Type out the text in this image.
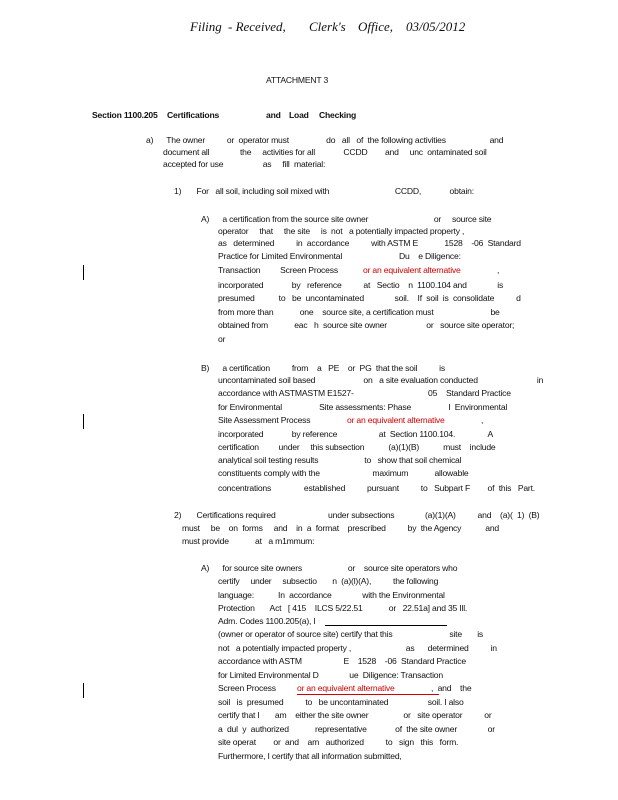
Filing - Received, Clerk's Office, 03/05/2012
ATTACHMENT 3
Section 1100.205 Certifications	and Load Checking
a)      The owner          or  operator must                 do   all   of  the following activities                    and
document all              the     activities for all             CCDD        and     unc  ontaminated soil
accepted for use                  as     fill  material:
1)       For   all soil, including soil mixed with                              CCDD,             obtain:
A)      a certification from the source site owner                              or     source site
operator     that     the site     is  not   a potentially impacted property ,
as   determined          in  accordance          with ASTM E            1528    -06  Standard
Practice for Limited Environmental                          Du    e Diligence:
Transaction         Screen Process	or an equivalent alternative	,
incorporated             by   reference          at   Sectio    n  1100.104 and              is
presumed           to   be  uncontaminated              soil.    If  soil  is  consolidate          d
from more than            one    source site, a certification must                          be
obtained from            eac   h  source site owner                  or   source site operator;
or
B)      a certification          from    a   PE    or  PG  that the soil          is
uncontaminated soil based                      on   a site evaluation conducted                           in
accordance with ASTMASTM E1527-                                  05    Standard Practice
for Environmental                 Site assessments: Phase                 I  Environmental
Site Assessment Process	or an equivalent alternative	,
incorporated             by reference                   at  Section 1100.104.               A
certification         under     this subsection           (a)(1)(B)           must    include
analytical soil testing results                     to   show that soil chemical
constituents comply with the                        maximum            allowable
concentrations               established          pursuant          to   Subpart F        of  this   Part.
2)       Certifications required                        under subsections              (a)(1)(A)          and    (a)(  1)  (B)
must     be    on  forms     and    in  a  format    prescribed          by  the Agency           and
must provide            at   a m1mmum:
A)      for source site owners                     or    source site operators who
certify     under     subsectio       n  (a)(l)(A),          the following
language:           In  accordance              with the Environmental
Protection       Act   [ 415    ILCS 5/22.51            or   22.51a] and 35 Ill.
Adm. Codes 1100.205(a), I
(owner or operator of source site) certify that this                          site       is
not   a potentially impacted property ,                         as      determined          in
accordance with ASTM                   E    1528    -06  Standard Practice
for Limited Environmental D              ue  Diligence: Transaction
Screen Process or an equivalent alternative	,  and    the
soil   is  presumed          to   be uncontaminated                  soil. I also
certify that I       am    either the site owner                or   site operator          or
a  dul  y  authorized            representative             of  the site owner              or
site operat        or  and    am   authorized          to   sign   this   form.
Furthermore, I certify that all information submitted,
